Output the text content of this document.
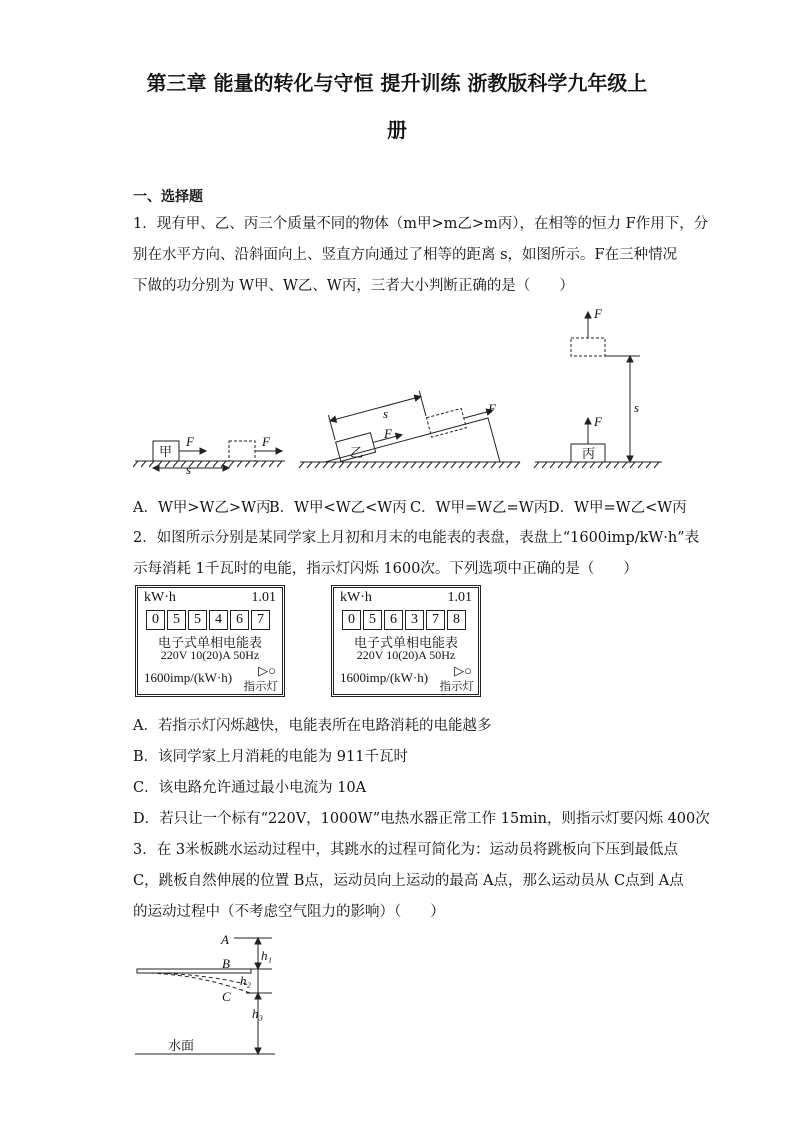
第三章 能量的转化与守恒 提升训练 浙教版科学九年级上
册
一、选择题
1．现有甲、乙、丙三个质量不同的物体（m甲>m乙>m丙），在相等的恒力 F作用下，分
别在水平方向、沿斜面向上、竖直方向通过了相等的距离 s，如图所示。F在三种情况
下做的功分别为 W甲、W乙、W丙，三者大小判断正确的是（　　）
甲
F	F
s
乙
F
F
s
丙
F
F
s
A．W甲>W乙>W丙
B．W甲<W乙<W丙 C．W甲=W乙=W丙 D．W甲=W乙<W丙
2．如图所示分别是某同学家上月初和月末的电能表的表盘，表盘上“1600imp/kW·h”表
示每消耗 1千瓦时的电能，指示灯闪烁 1600次。下列选项中正确的是（　　）
kW·h	1.01
0	5	5	4	6	7
电子式单相电能表
220V 10(20)A 50Hz
▷○
1600imp/(kW·h)
指示灯
kW·h	1.01
0	5	6	3	7	8
电子式单相电能表
220V 10(20)A 50Hz
▷○
1600imp/(kW·h)
指示灯
A．若指示灯闪烁越快，电能表所在电路消耗的电能越多
B．该同学家上月消耗的电能为 911千瓦时
C．该电路允许通过最小电流为 10A
D．若只让一个标有“220V，1000W”电热水器正常工作 15min，则指示灯要闪烁 400次
3．在 3米板跳水运动过程中，其跳水的过程可简化为：运动员将跳板向下压到最低点
C，跳板自然伸展的位置 B点，运动员向上运动的最高 A点，那么运动员从 C点到 A点
的运动过程中（不考虑空气阻力的影响）（　　）
A
B
C
h₁
h₂
h₃
水面
